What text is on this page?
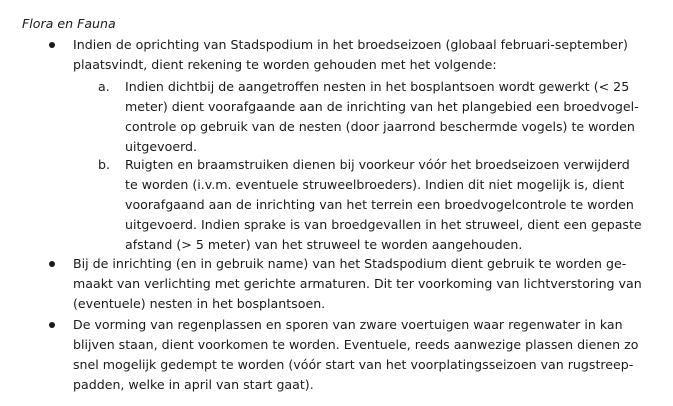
Flora en Fauna
Indien de oprichting van Stadspodium in het broedseizoen (globaal februari-september)
plaatsvindt, dient rekening te worden gehouden met het volgende:
a. Indien dichtbij de aangetroffen nesten in het bosplantsoen wordt gewerkt (< 25
meter) dient voorafgaande aan de inrichting van het plangebied een broedvogel-
controle op gebruik van de nesten (door jaarrond beschermde vogels) te worden
uitgevoerd.
b. Ruigten en braamstruiken dienen bij voorkeur vóór het broedseizoen verwijderd
te worden (i.v.m. eventuele struweelbroeders). Indien dit niet mogelijk is, dient
voorafgaand aan de inrichting van het terrein een broedvogelcontrole te worden
uitgevoerd. Indien sprake is van broedgevallen in het struweel, dient een gepaste
afstand (> 5 meter) van het struweel te worden aangehouden.
Bij de inrichting (en in gebruik name) van het Stadspodium dient gebruik te worden ge-
maakt van verlichting met gerichte armaturen. Dit ter voorkoming van lichtverstoring van
(eventuele) nesten in het bosplantsoen.
De vorming van regenplassen en sporen van zware voertuigen waar regenwater in kan
blijven staan, dient voorkomen te worden. Eventuele, reeds aanwezige plassen dienen zo
snel mogelijk gedempt te worden (vóór start van het voorplatingsseizoen van rugstreep-
padden, welke in april van start gaat).
